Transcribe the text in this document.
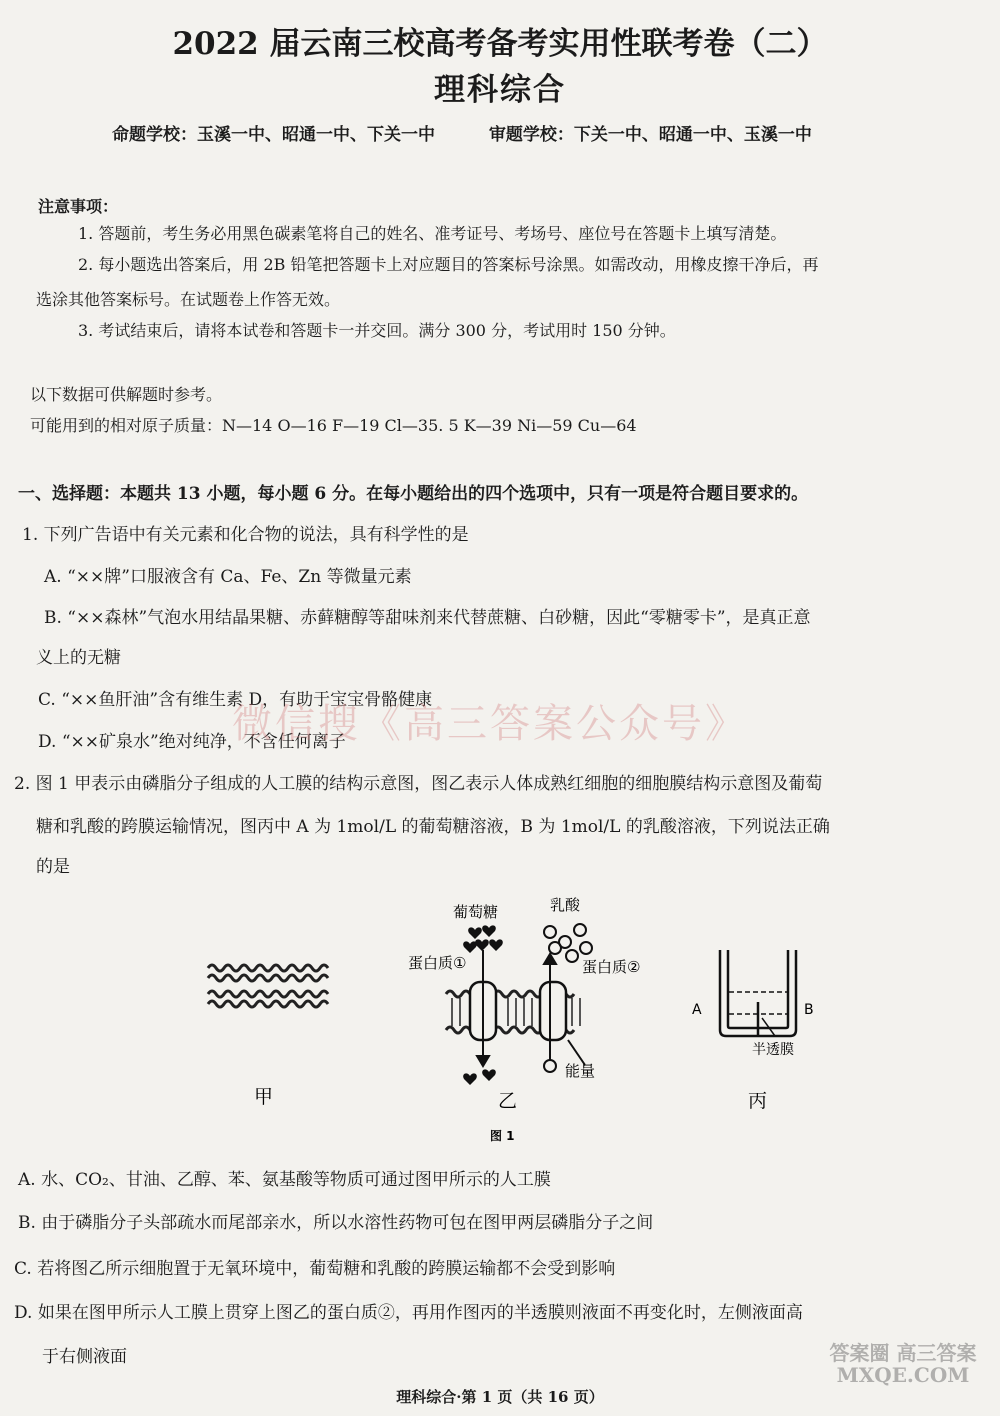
2022 届云南三校高考备考实用性联考卷（二）
理科综合
命题学校：玉溪一中、昭通一中、下关一中	审题学校：下关一中、昭通一中、玉溪一中
注意事项：
1. 答题前，考生务必用黑色碳素笔将自己的姓名、准考证号、考场号、座位号在答题卡上填写清楚。
2. 每小题选出答案后，用 2B 铅笔把答题卡上对应题目的答案标号涂黑。如需改动，用橡皮擦干净后，再
选涂其他答案标号。在试题卷上作答无效。
3. 考试结束后，请将本试卷和答题卡一并交回。满分 300 分，考试用时 150 分钟。
以下数据可供解题时参考。
可能用到的相对原子质量：N—14 O—16 F—19 Cl—35. 5 K—39 Ni—59 Cu—64
一、选择题：本题共 13 小题，每小题 6 分。在每小题给出的四个选项中，只有一项是符合题目要求的。
1. 下列广告语中有关元素和化合物的说法，具有科学性的是
A. “××牌”口服液含有 Ca、Fe、Zn 等微量元素
B. “××森林”气泡水用结晶果糖、赤藓糖醇等甜味剂来代替蔗糖、白砂糖，因此“零糖零卡”，是真正意
义上的无糖
C. “××鱼肝油”含有维生素 D，有助于宝宝骨骼健康
D. “××矿泉水”绝对纯净，不含任何离子
微信搜《高三答案公众号》
2. 图 1 甲表示由磷脂分子组成的人工膜的结构示意图，图乙表示人体成熟红细胞的细胞膜结构示意图及葡萄
糖和乳酸的跨膜运输情况，图丙中 A 为 1mol/L 的葡萄糖溶液，B 为 1mol/L 的乳酸溶液，下列说法正确
的是
甲
葡萄糖	乳酸
蛋白质①	蛋白质②
能量
乙
图 1
A	B
半透膜
丙
A. 水、CO₂、甘油、乙醇、苯、氨基酸等物质可通过图甲所示的人工膜
B. 由于磷脂分子头部疏水而尾部亲水，所以水溶性药物可包在图甲两层磷脂分子之间
C. 若将图乙所示细胞置于无氧环境中，葡萄糖和乳酸的跨膜运输都不会受到影响
D. 如果在图甲所示人工膜上贯穿上图乙的蛋白质②，再用作图丙的半透膜则液面不再变化时，左侧液面高
于右侧液面	答案圈 高三答案 MXQE.COM
理科综合·第 1 页（共 16 页）
